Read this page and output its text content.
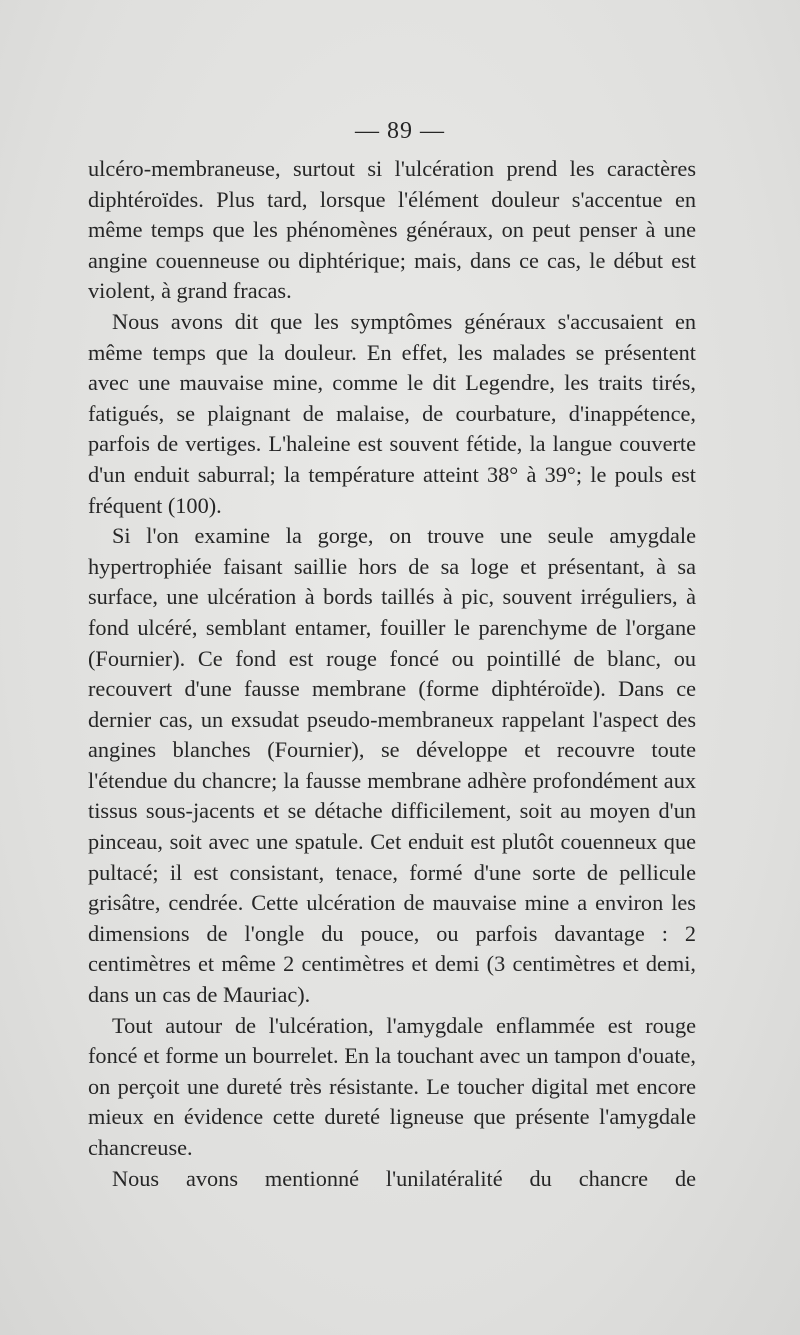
— 89 —

ulcéro-membraneuse, surtout si l'ulcération prend les caractères diphtéroïdes. Plus tard, lorsque l'élément douleur s'accentue en même temps que les phénomènes généraux, on peut penser à une angine couenneuse ou diphtérique; mais, dans ce cas, le début est violent, à grand fracas.

Nous avons dit que les symptômes généraux s'accusaient en même temps que la douleur. En effet, les malades se présentent avec une mauvaise mine, comme le dit Legendre, les traits tirés, fatigués, se plaignant de malaise, de courbature, d'inappétence, parfois de vertiges. L'haleine est souvent fétide, la langue couverte d'un enduit saburral; la température atteint 38° à 39°; le pouls est fréquent (100).

Si l'on examine la gorge, on trouve une seule amygdale hypertrophiée faisant saillie hors de sa loge et présentant, à sa surface, une ulcération à bords taillés à pic, souvent irréguliers, à fond ulcéré, semblant entamer, fouiller le parenchyme de l'organe (Fournier). Ce fond est rouge foncé ou pointillé de blanc, ou recouvert d'une fausse membrane (forme diphtéroïde). Dans ce dernier cas, un exsudat pseudo-membraneux rappelant l'aspect des angines blanches (Fournier), se développe et recouvre toute l'étendue du chancre; la fausse membrane adhère profondément aux tissus sous-jacents et se détache difficilement, soit au moyen d'un pinceau, soit avec une spatule. Cet enduit est plutôt couenneux que pultacé; il est consistant, tenace, formé d'une sorte de pellicule grisâtre, cendrée. Cette ulcération de mauvaise mine a environ les dimensions de l'ongle du pouce, ou parfois davantage : 2 centimètres et même 2 centimètres et demi (3 centimètres et demi, dans un cas de Mauriac).

Tout autour de l'ulcération, l'amygdale enflammée est rouge foncé et forme un bourrelet. En la touchant avec un tampon d'ouate, on perçoit une dureté très résistante. Le toucher digital met encore mieux en évidence cette dureté ligneuse que présente l'amygdale chancreuse.

Nous avons mentionné l'unilatéralité du chancre de
